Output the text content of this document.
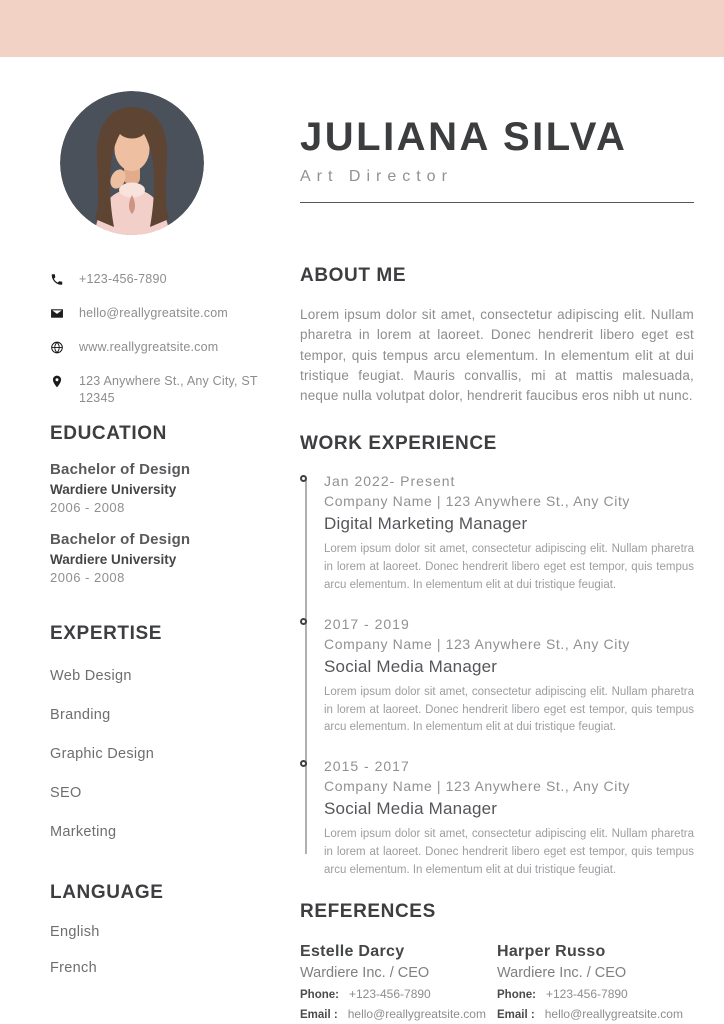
+123-456-7890
hello@reallygreatsite.com
www.reallygreatsite.com
123 Anywhere St., Any City, ST 12345
EDUCATION
Bachelor of Design
Wardiere University
2006 - 2008
Bachelor of Design
Wardiere University
2006 - 2008
EXPERTISE
Web Design
Branding
Graphic Design
SEO
Marketing
LANGUAGE
English
French
JULIANA SILVA
Art Director
ABOUT ME
Lorem ipsum dolor sit amet, consectetur adipiscing elit. Nullam pharetra in lorem at laoreet. Donec hendrerit libero eget est tempor, quis tempus arcu elementum. In elementum elit at dui tristique feugiat. Mauris convallis, mi at mattis malesuada, neque nulla volutpat dolor, hendrerit faucibus eros nibh ut nunc.
WORK EXPERIENCE
Jan 2022- Present
Company Name | 123 Anywhere St., Any City
Digital Marketing Manager
Lorem ipsum dolor sit amet, consectetur adipiscing elit. Nullam pharetra in lorem at laoreet. Donec hendrerit libero eget est tempor, quis tempus arcu elementum. In elementum elit at dui tristique feugiat.
2017 - 2019
Company Name | 123 Anywhere St., Any City
Social Media Manager
Lorem ipsum dolor sit amet, consectetur adipiscing elit. Nullam pharetra in lorem at laoreet. Donec hendrerit libero eget est tempor, quis tempus arcu elementum. In elementum elit at dui tristique feugiat.
2015 - 2017
Company Name | 123 Anywhere St., Any City
Social Media Manager
Lorem ipsum dolor sit amet, consectetur adipiscing elit. Nullam pharetra in lorem at laoreet. Donec hendrerit libero eget est tempor, quis tempus arcu elementum. In elementum elit at dui tristique feugiat.
REFERENCES
Estelle Darcy
Wardiere Inc. / CEO
Phone: +123-456-7890
Email : hello@reallygreatsite.com
Harper Russo
Wardiere Inc. / CEO
Phone: +123-456-7890
Email : hello@reallygreatsite.com
